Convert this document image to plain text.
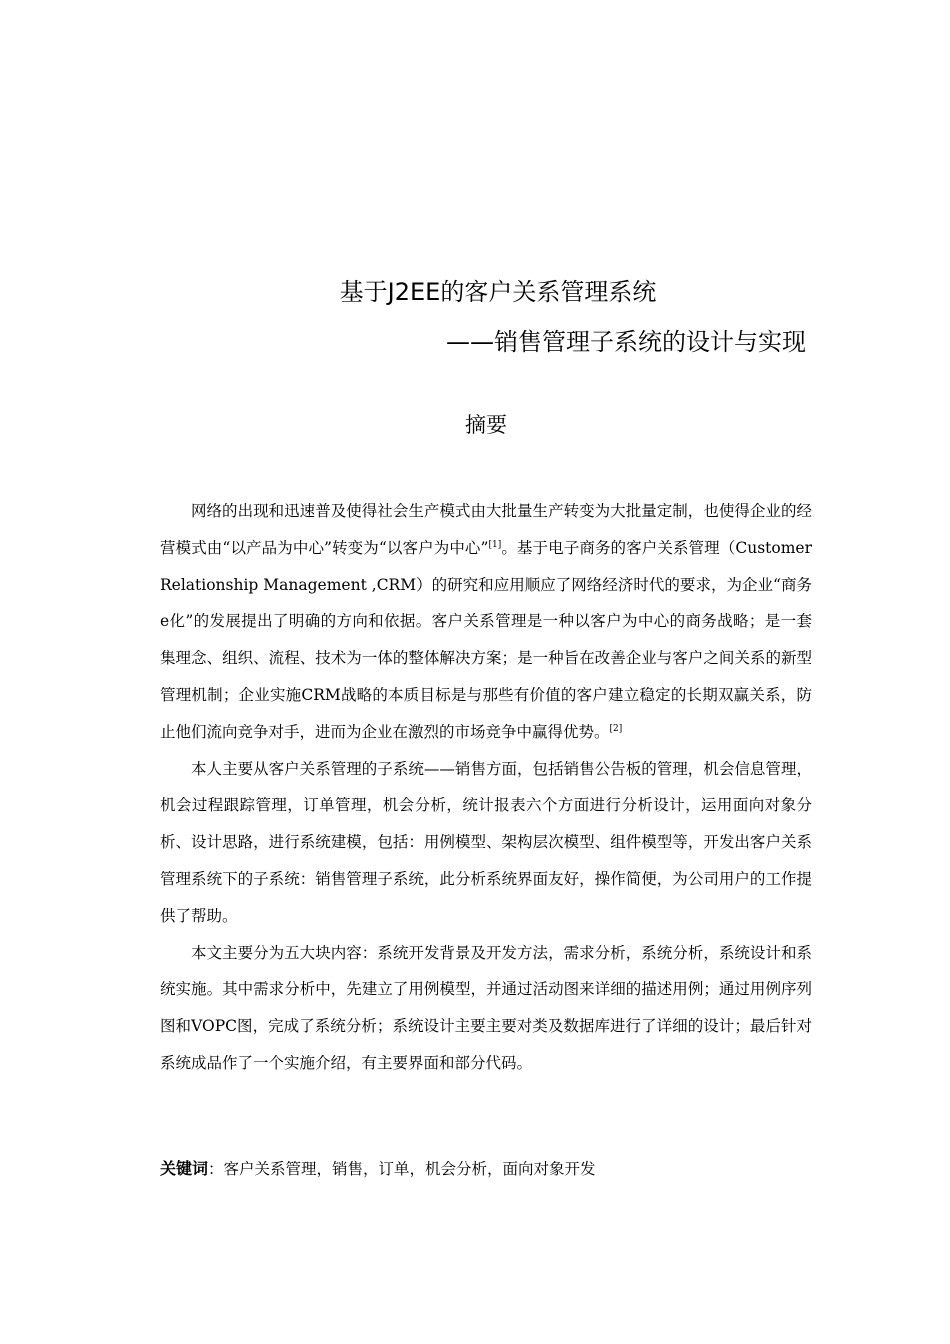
基于J2EE的客户关系管理系统
——销售管理子系统的设计与实现
摘要

网络的出现和迅速普及使得社会生产模式由大批量生产转变为大批量定制，也使得企业的经营模式由“以产品为中心”转变为“以客户为中心”[1]。基于电子商务的客户关系管理（Customer Relationship Management ,CRM）的研究和应用顺应了网络经济时代的要求，为企业“商务e化”的发展提出了明确的方向和依据。客户关系管理是一种以客户为中心的商务战略；是一套集理念、组织、流程、技术为一体的整体解决方案；是一种旨在改善企业与客户之间关系的新型管理机制；企业实施CRM战略的本质目标是与那些有价值的客户建立稳定的长期双赢关系，防止他们流向竞争对手，进而为企业在激烈的市场竞争中赢得优势。[2]

本人主要从客户关系管理的子系统——销售方面，包括销售公告板的管理，机会信息管理，机会过程跟踪管理，订单管理，机会分析，统计报表六个方面进行分析设计，运用面向对象分析、设计思路，进行系统建模，包括：用例模型、架构层次模型、组件模型等，开发出客户关系管理系统下的子系统：销售管理子系统，此分析系统界面友好，操作简便，为公司用户的工作提供了帮助。

本文主要分为五大块内容：系统开发背景及开发方法，需求分析，系统分析，系统设计和系统实施。其中需求分析中，先建立了用例模型，并通过活动图来详细的描述用例；通过用例序列图和VOPC图，完成了系统分析；系统设计主要主要对类及数据库进行了详细的设计；最后针对系统成品作了一个实施介绍，有主要界面和部分代码。

关键词：客户关系管理，销售，订单，机会分析，面向对象开发
